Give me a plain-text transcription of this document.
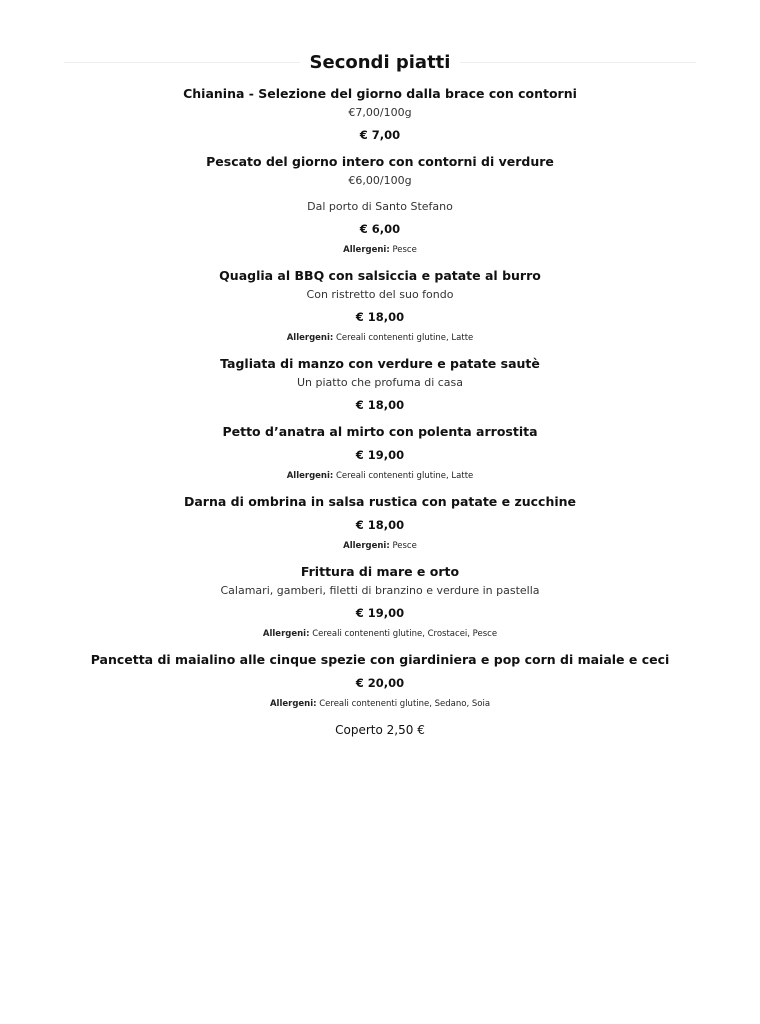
Secondi piatti
Chianina - Selezione del giorno dalla brace con contorni
€7,00/100g
€ 7,00
Pescato del giorno intero con contorni di verdure
€6,00/100g
Dal porto di Santo Stefano
€ 6,00
Allergeni: Pesce
Quaglia al BBQ con salsiccia e patate al burro
Con ristretto del suo fondo
€ 18,00
Allergeni: Cereali contenenti glutine, Latte
Tagliata di manzo con verdure e patate sautè
Un piatto che profuma di casa
€ 18,00
Petto d’anatra al mirto con polenta arrostita
€ 19,00
Allergeni: Cereali contenenti glutine, Latte
Darna di ombrina in salsa rustica con patate e zucchine
€ 18,00
Allergeni: Pesce
Frittura di mare e orto
Calamari, gamberi, filetti di branzino e verdure in pastella
€ 19,00
Allergeni: Cereali contenenti glutine, Crostacei, Pesce
Pancetta di maialino alle cinque spezie con giardiniera e pop corn di maiale e ceci
€ 20,00
Allergeni: Cereali contenenti glutine, Sedano, Soia
Coperto 2,50 €
